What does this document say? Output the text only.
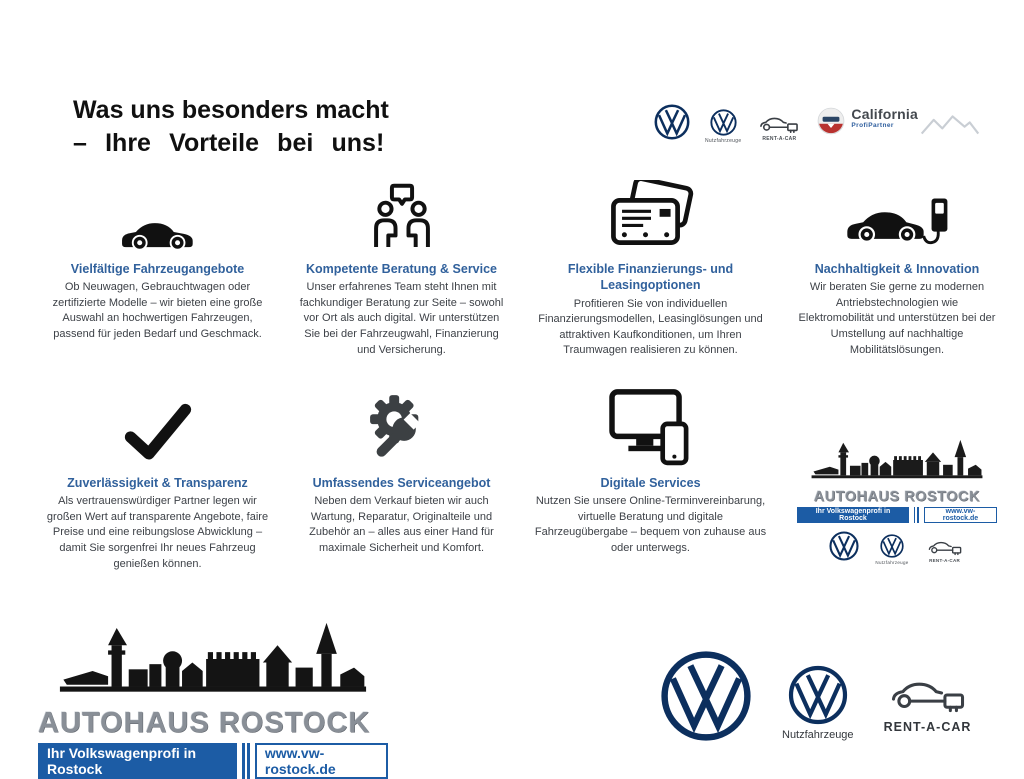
Was uns besonders macht
– Ihre Vorteile bei uns!	Nutzfahrzeuge	RENT-A-CAR
California
ProfiPartner
Vielfältige Fahrzeugangebote

Ob Neuwagen, Gebrauchtwagen oder zertifizierte Modelle – wir bieten eine große Auswahl an hochwertigen Fahrzeugen, passend für jeden Bedarf und Geschmack.

Kompetente Beratung & Service

Unser erfahrenes Team steht Ihnen mit fachkundiger Beratung zur Seite – sowohl vor Ort als auch digital. Wir unterstützen Sie bei der Fahrzeugwahl, Finanzierung und Versicherung.

Flexible Finanzierungs- und Leasingoptionen

Profitieren Sie von individuellen Finanzierungsmodellen, Leasinglösungen und attraktiven Kaufkonditionen, um Ihren Traumwagen realisieren zu können.

Nachhaltigkeit & Innovation

Wir beraten Sie gerne zu modernen Antriebstechnologien wie Elektromobilität und unterstützen bei der Umstellung auf nachhaltige Mobilitätslösungen.

Zuverlässigkeit & Transparenz

Als vertrauenswürdiger Partner legen wir großen Wert auf transparente Angebote, faire Preise und eine reibungslose Abwicklung – damit Sie sorgenfrei Ihr neues Fahrzeug genießen können.

Umfassendes Serviceangebot

Neben dem Verkauf bieten wir auch Wartung, Reparatur, Originalteile und Zubehör an – alles aus einer Hand für maximale Sicherheit und Komfort.

Digitale Services

Nutzen Sie unsere Online-Terminvereinbarung, virtuelle Beratung und digitale Fahrzeugübergabe – bequem von zuhause aus oder unterwegs.

AUTOHAUS ROSTOCK
Ihr Volkswagenprofi in Rostock
www.vw-rostock.de
Nutzfahrzeuge	RENT-A-CAR
AUTOHAUS ROSTOCK
Ihr Volkswagenprofi in Rostock
www.vw-rostock.de
Nutzfahrzeuge
RENT-A-CAR
